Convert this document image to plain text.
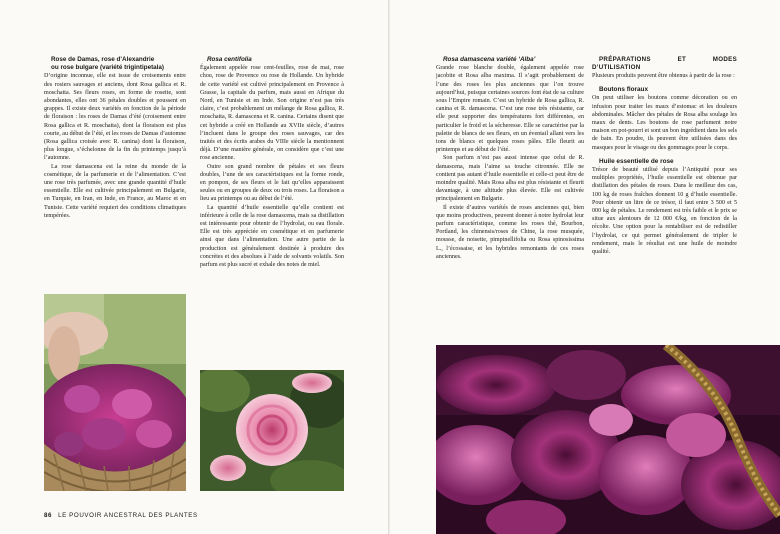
Rose de Damas, rose d’Alexandrie

ou rose bulgare (variété trigintipetala)

D’origine inconnue, elle est issue de croisements entre des rosiers sauvages et anciens, dont Rosa gallica et R. moschatta. Ses fleurs roses, en forme de rosette, sont abondantes, elles ont 36 pétales doubles et poussent en grappes. Il existe deux variétés en fonction de la période de floraison : les roses de Damas d’été (croisement entre Rosa gallica et R. moschatta), dont la floraison est plus courte, au début de l’été, et les roses de Damas d’automne (Rosa gallica croisée avec R. canina) dont la floraison, plus longue, s’échelonne de la fin du printemps jusqu’à l’automne.

La rose damascena est la reine du monde de la cosmétique, de la parfumerie et de l’alimentation. C’est une rose très parfumée, avec une grande quantité d’huile essentielle. Elle est cultivée principalement en Bulgarie, en Turquie, en Iran, en Inde, en France, au Maroc et en Tunisie. Cette variété requiert des conditions climatiques tempérées.

Rosa centifolia

Également appelée rose cent-feuilles, rose de mai, rose chou, rose de Provence ou rose de Hollande. Un hybride de cette variété est cultivé principalement en Provence à Grasse, la capitale du parfum, mais aussi en Afrique du Nord, en Tunisie et en Inde. Son origine n’est pas très claire, c’est probablement un mélange de Rosa gallica, R. moschatta, R. damascena et R. canina. Certains disent que cet hybride a créé en Hollande au XVIIe siècle, d’autres l’incluent dans le groupe des roses sauvages, car des traités et des écrits arabes du VIIIe siècle la mentionnent déjà. D’une manière générale, on considère que c’est une rose ancienne.

Outre son grand nombre de pétales et ses fleurs doubles, l’une de ses caractéristiques est la forme ronde, en pompon, de ses fleurs et le fait qu’elles apparaissent seules ou en groupes de deux ou trois roses. La floraison a lieu au printemps ou au début de l’été.

La quantité d’huile essentielle qu’elle contient est inférieure à celle de la rose damascena, mais sa distillation est intéressante pour obtenir de l’hydrolat, ou eau florale. Elle est très appréciée en cosmétique et en parfumerie ainsi que dans l’alimentation. Une autre partie de la production est généralement destinée à produire des concrètes et des absolues à l’aide de solvants volatils. Son parfum est plus sucré et exhale des notes de miel.

86 LE POUVOIR ANCESTRAL DES PLANTES

Rosa damascena variété ‘Alba’

Grande rose blanche double, également appelée rose jacobite et Rosa alba maxima. Il s’agit probablement de l’une des roses les plus anciennes que l’on trouve aujourd’hui, puisque certaines sources font état de sa culture sous l’Empire romain. C’est un hybride de Rosa gallica, R. canina et R. damascena. C’est une rose très résistante, car elle peut supporter des températures fort différentes, en particulier le froid et la sécheresse. Elle se caractérise par la palette de blancs de ses fleurs, en un éventail allant vers les tons de blancs et quelques roses pâles. Elle fleurit au printemps et au début de l’été.

Son parfum n’est pas aussi intense que celui de R. damascena, mais l’aime sa touche citronnée. Elle ne contient pas autant d’huile essentielle et celle-ci peut être de moindre qualité. Mais Rosa alba est plus résistante et fleurit davantage, à une altitude plus élevée. Elle est cultivée principalement en Bulgarie.

Il existe d’autres variétés de roses anciennes qui, bien que moins productives, peuvent donner à notre hydrolat leur parfum caractéristique, comme les roses thé, Bourbon, Portland, les chinensis/roses de Chine, la rose musquée, mousse, de noisette, pimpinellifolia ou Rosa spinosissima L., l’écossaise, et les hybrides remontants de ces roses anciennes.

PRÉPARATIONS ET MODES D’UTILISATION

Plusieurs produits peuvent être obtenus à partir de la rose :

Boutons floraux

On peut utiliser les boutons comme décoration ou en infusion pour traiter les maux d’estomac et les douleurs abdominales. Mâcher des pétales de Rosa alba soulage les maux de dents. Les boutons de rose parfument notre maison en pot-pourri et sont un bon ingrédient dans les sels de bain. En poudre, ils peuvent être utilisées dans des masques pour le visage ou des gommages pour le corps.

Huile essentielle de rose

Trésor de beauté utilisé depuis l’Antiquité pour ses multiples propriétés, l’huile essentielle est obtenue par distillation des pétales de roses. Dans le meilleur des cas, 100 kg de roses fraîches donnent 10 g d’huile essentielle. Pour obtenir un litre de ce trésor, il faut entre 3 500 et 5 000 kg de pétales. Le rendement est très faible et le prix se situe aux alentours de 12 000 €/kg, en fonction de la récolte. Une option pour la rentabiliser est de redistiller l’hydrolat, ce qui permet généralement de tripler le rendement, mais le résultat est une huile de moindre qualité.
